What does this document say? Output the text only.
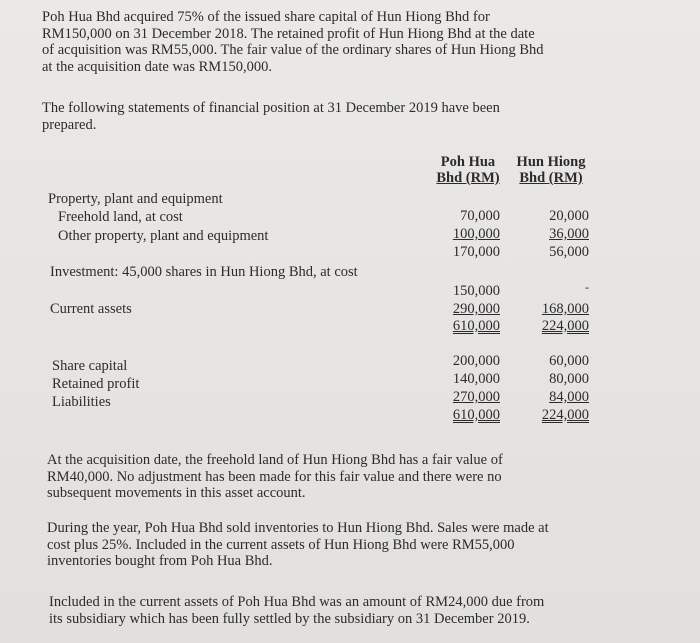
Poh Hua Bhd acquired 75% of the issued share capital of Hun Hiong Bhd for
RM150,000 on 31 December 2018. The retained profit of Hun Hiong Bhd at the date
of acquisition was RM55,000. The fair value of the ordinary shares of Hun Hiong Bhd
at the acquisition date was RM150,000.
The following statements of financial position at 31 December 2019 have been
prepared.
Poh Hua
Bhd (RM)
Hun Hiong
Bhd (RM)
Property, plant and equipment
Freehold land, at cost
Other property, plant and equipment
Investment: 45,000 shares in Hun Hiong Bhd, at cost
Current assets
Share capital
Retained profit
Liabilities
70,000
100,000
170,000
150,000
290,000
610,000
200,000
140,000
270,000
610,000
20,000
36,000
56,000
-
168,000
224,000
60,000
80,000
84,000
224,000
At the acquisition date, the freehold land of Hun Hiong Bhd has a fair value of
RM40,000. No adjustment has been made for this fair value and there were no
subsequent movements in this asset account.
During the year, Poh Hua Bhd sold inventories to Hun Hiong Bhd. Sales were made at
cost plus 25%. Included in the current assets of Hun Hiong Bhd were RM55,000
inventories bought from Poh Hua Bhd.
Included in the current assets of Poh Hua Bhd was an amount of RM24,000 due from
its subsidiary which has been fully settled by the subsidiary on 31 December 2019.
